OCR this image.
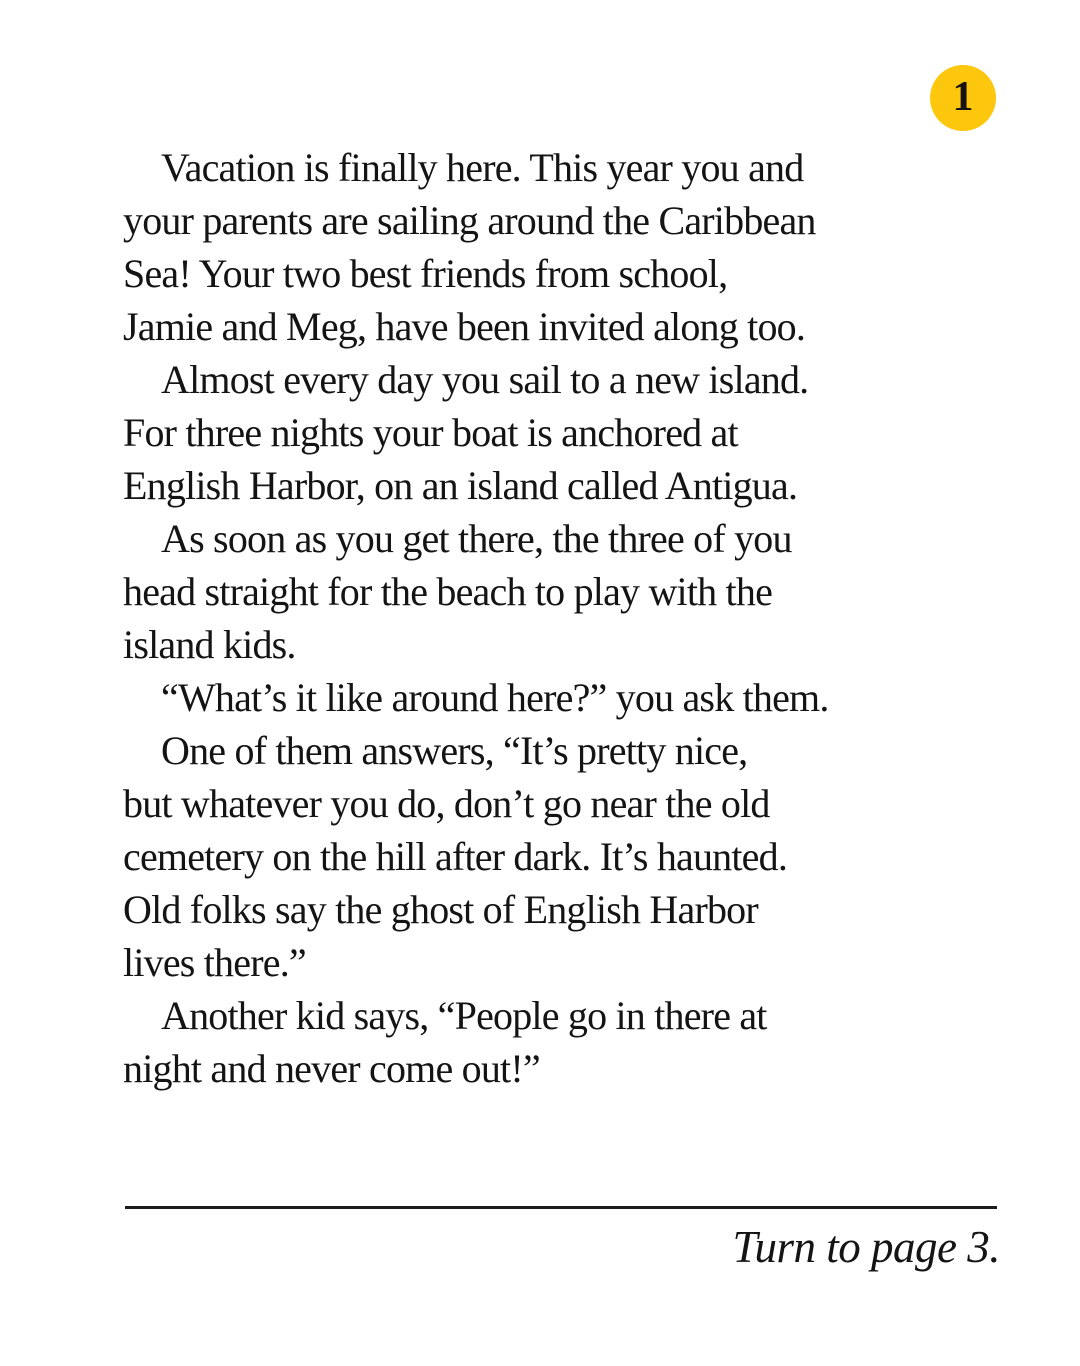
1

Vacation is finally here. This year you and
your parents are sailing around the Caribbean
Sea! Your two best friends from school,
Jamie and Meg, have been invited along too.

Almost every day you sail to a new island.
For three nights your boat is anchored at
English Harbor, on an island called Antigua.

As soon as you get there, the three of you
head straight for the beach to play with the
island kids.

“What’s it like around here?” you ask them.

One of them answers, “It’s pretty nice,
but whatever you do, don’t go near the old
cemetery on the hill after dark. It’s haunted.
Old folks say the ghost of English Harbor
lives there.”

Another kid says, “People go in there at
night and never come out!”

Turn to page 3.
